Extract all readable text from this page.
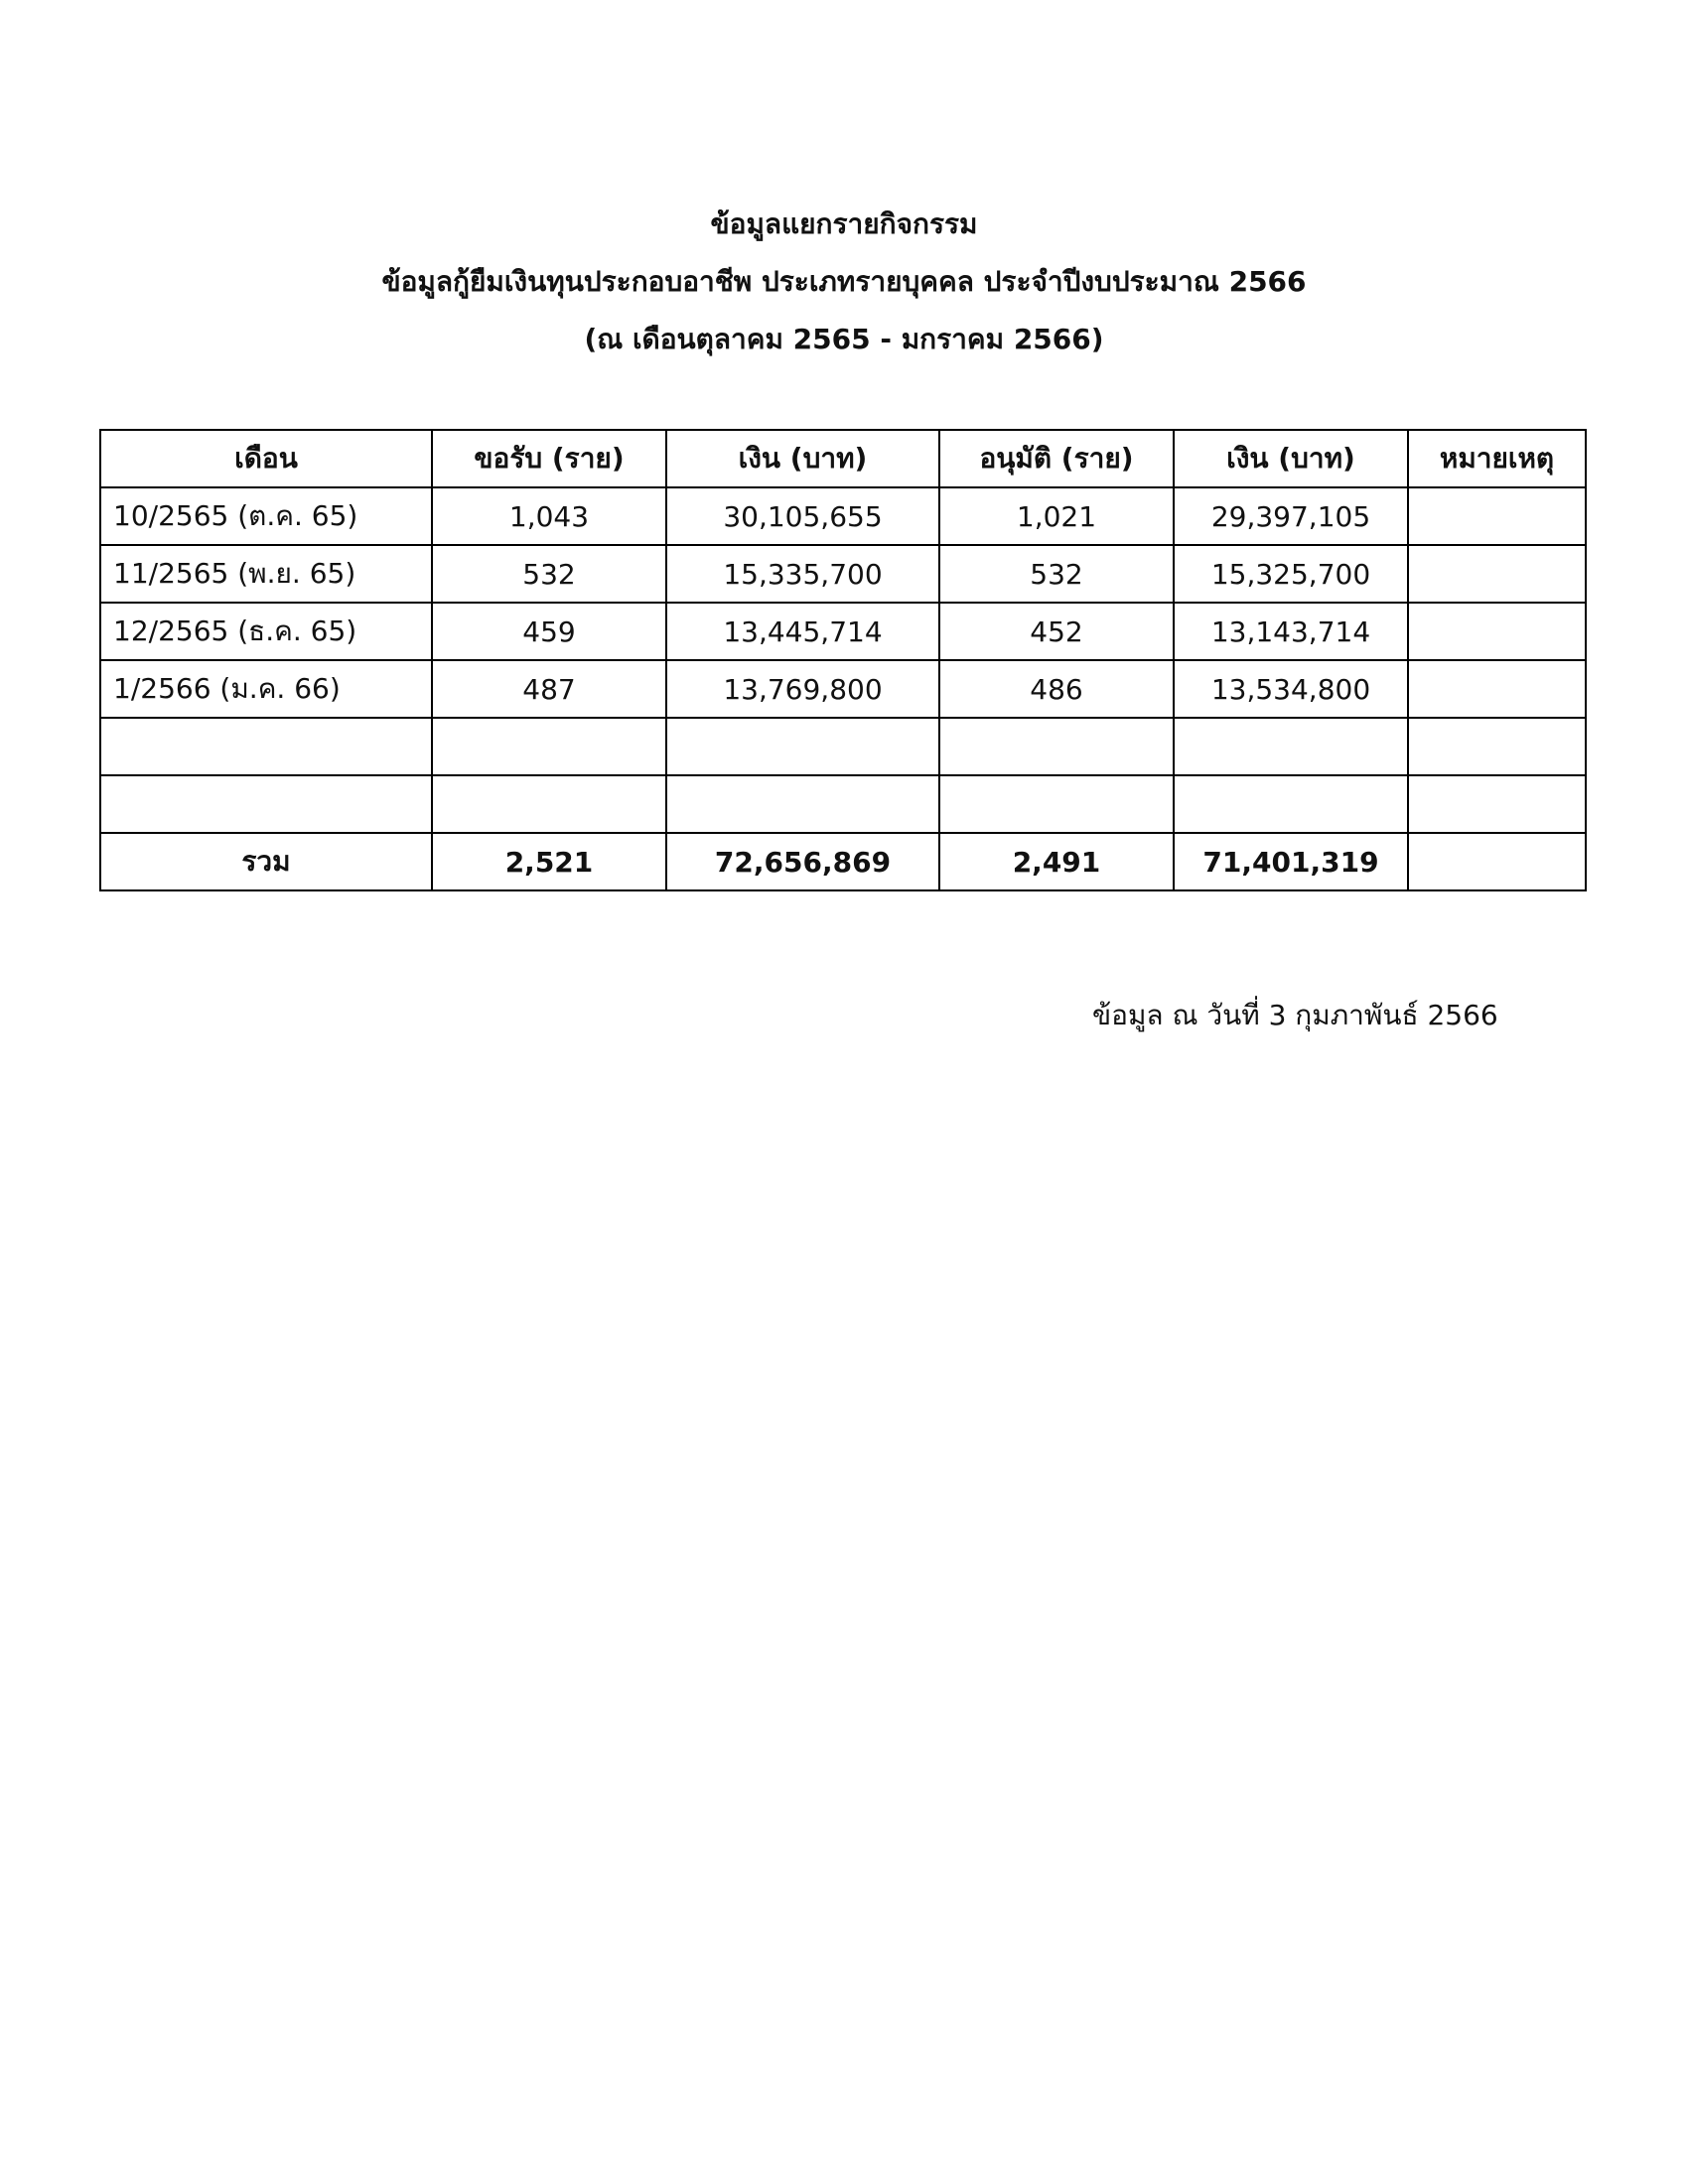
ข้อมูลแยกรายกิจกรรม
ข้อมูลกู้ยืมเงินทุนประกอบอาชีพ ประเภทรายบุคคล ประจำปีงบประมาณ 2566
(ณ เดือนตุลาคม 2565 - มกราคม 2566)
เดือน	ขอรับ (ราย)	เงิน (บาท)	อนุมัติ (ราย)	เงิน (บาท)	หมายเหตุ
10/2565 (ต.ค. 65)	1,043	30,105,655	1,021	29,397,105	
11/2565 (พ.ย. 65)	532	15,335,700	532	15,325,700	
12/2565 (ธ.ค. 65)	459	13,445,714	452	13,143,714	
1/2566 (ม.ค. 66)	487	13,769,800	486	13,534,800	

รวม	2,521	72,656,869	2,491	71,401,319	
ข้อมูล ณ วันที่ 3 กุมภาพันธ์ 2566
